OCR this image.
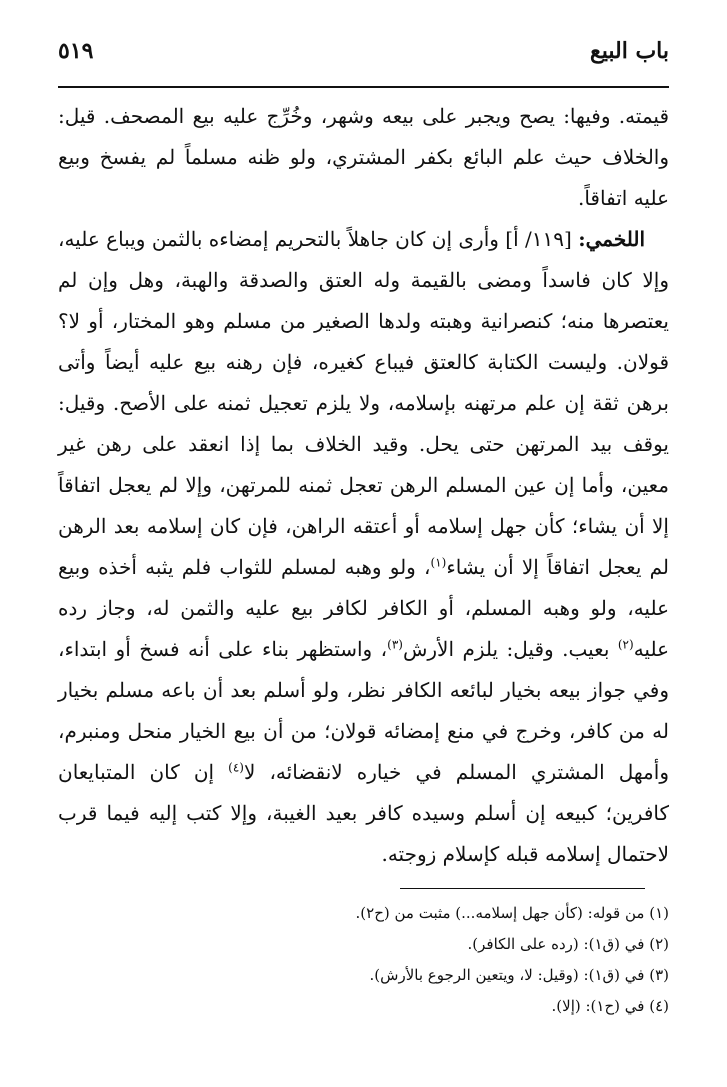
باب البيع
٥١٩

قيمته. وفيها: يصح ويجبر على بيعه وشهر، وخُرِّج عليه بيع المصحف. قيل: والخلاف حيث علم البائع بكفر المشتري، ولو ظنه مسلماً لم يفسخ وبيع عليه اتفاقاً.

اللخمي: [١١٩/ أ] وأرى إن كان جاهلاً بالتحريم إمضاءه بالثمن ويباع عليه، وإلا كان فاسداً ومضى بالقيمة وله العتق والصدقة والهبة، وهل وإن لم يعتصرها منه؛ كنصرانية وهبته ولدها الصغير من مسلم وهو المختار، أو لا؟ قولان. وليست الكتابة كالعتق فيباع كغيره، فإن رهنه بيع عليه أيضاً وأتى برهن ثقة إن علم مرتهنه بإسلامه، ولا يلزم تعجيل ثمنه على الأصح. وقيل: يوقف بيد المرتهن حتى يحل. وقيد الخلاف بما إذا انعقد على رهن غير معين، وأما إن عين المسلم الرهن تعجل ثمنه للمرتهن، وإلا لم يعجل اتفاقاً إلا أن يشاء؛ كأن جهل إسلامه أو أعتقه الراهن، فإن كان إسلامه بعد الرهن لم يعجل اتفاقاً إلا أن يشاء$^{(١)}$، ولو وهبه لمسلم للثواب فلم يثبه أخذه وبيع عليه، ولو وهبه المسلم، أو الكافر لكافر بيع عليه والثمن له، وجاز رده عليه$^{(٢)}$ بعيب. وقيل: يلزم الأرش$^{(٣)}$، واستظهر بناء على أنه فسخ أو ابتداء، وفي جواز بيعه بخيار لبائعه الكافر نظر، ولو أسلم بعد أن باعه مسلم بخيار له من كافر، وخرج في منع إمضائه قولان؛ من أن بيع الخيار منحل ومنبرم، وأمهل المشتري المسلم في خياره لانقضائه، لا$^{(٤)}$ إن كان المتبايعان كافرين؛ كبيعه إن أسلم وسيده كافر بعيد الغيبة، وإلا كتب إليه فيما قرب لاحتمال إسلامه قبله كإسلام زوجته.

(١) من قوله: (كأن جهل إسلامه...) مثبت من (ح٢).

(٢) في (ق١): (رده على الكافر).

(٣) في (ق١): (وقيل: لا، ويتعين الرجوع بالأرش).

(٤) في (ح١): (إلا).
